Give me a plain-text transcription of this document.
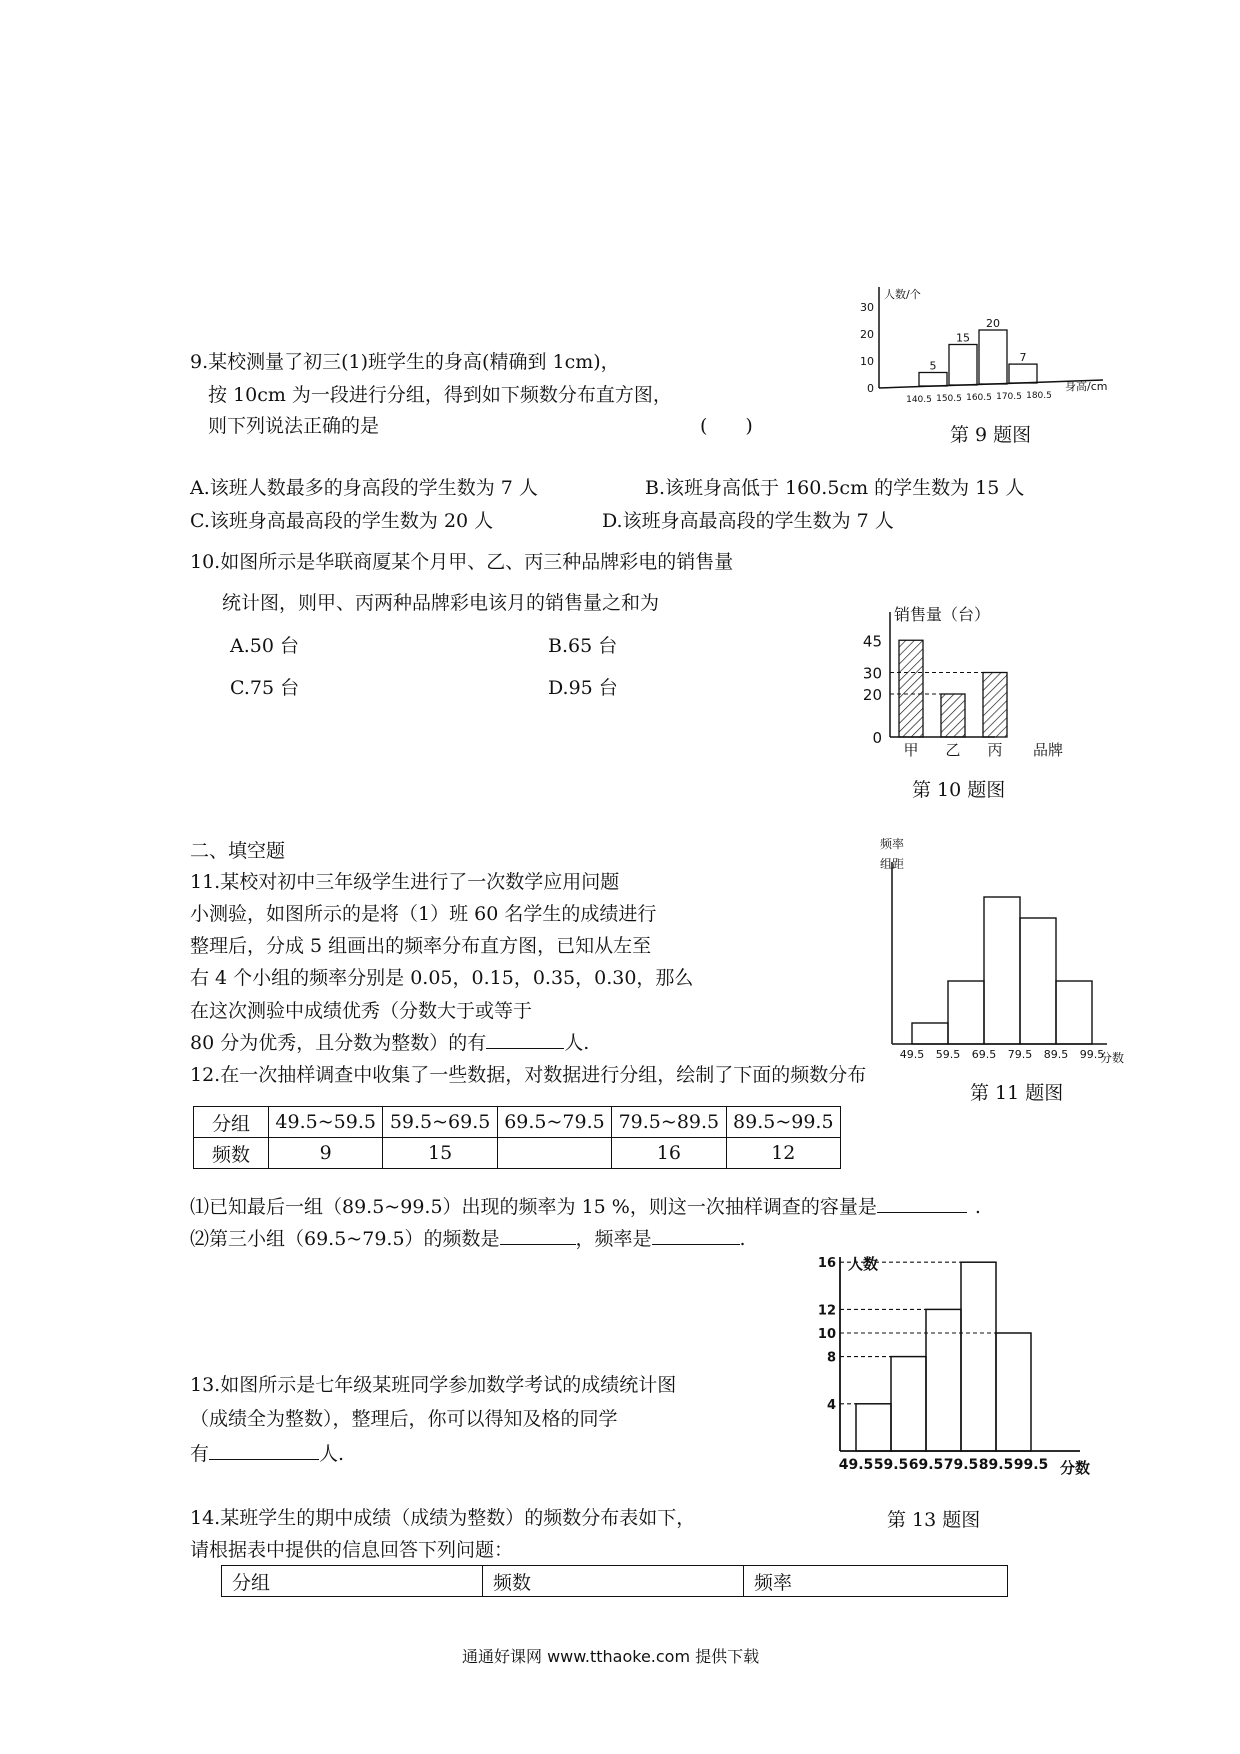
9.某校测量了初三(1)班学生的身高(精确到 1cm)，
按 10cm 为一段进行分组，得到如下频数分布直方图，
则下列说法正确的是	(　　)
人数/个
0
10
20
30
5
15
20
7
140.5 150.5 160.5 170.5 180.5
身高/cm
第 9 题图
A.该班人数最多的身高段的学生数为 7 人	B.该班身高低于 160.5cm 的学生数为 15 人
C.该班身高最高段的学生数为 20 人	D.该班身高最高段的学生数为 7 人
10.如图所示是华联商厦某个月甲、乙、丙三种品牌彩电的销售量
统计图，则甲、丙两种品牌彩电该月的销售量之和为
A.50 台	B.65 台
C.75 台	D.95 台
销售量（台）
0
20
30
45
甲 乙 丙 品牌
第 10 题图
二、填空题
11.某校对初中三年级学生进行了一次数学应用问题
小测验，如图所示的是将（1）班 60 名学生的成绩进行
整理后，分成 5 组画出的频率分布直方图，已知从左至
右 4 个小组的频率分别是 0.05，0.15，0.35，0.30，那么
在这次测验中成绩优秀（分数大于或等于
80 分为优秀，且分数为整数）的有	人.
频率
组距
49.5 59.5 69.5 79.5 89.5 99.5
分数
第 11 题图
12.在一次抽样调查中收集了一些数据，对数据进行分组，绘制了下面的频数分布
分组	49.5~59.5	59.5~69.5	69.5~79.5	79.5~89.5	89.5~99.5
频数	9	15		16	12
⑴已知最后一组（89.5~99.5）出现的频率为 15 %，则这一次抽样调查的容量是	.
⑵第三小组（69.5~79.5）的频数是	，频率是	.
人数
4
8
10
12
16
49.5 59.5 69.5 79.5 89.5 99.5 分数
第 13 题图
13.如图所示是七年级某班同学参加数学考试的成绩统计图
（成绩全为整数），整理后，你可以得知及格的同学
有	人.
14.某班学生的期中成绩（成绩为整数）的频数分布表如下，
请根据表中提供的信息回答下列问题：
分组	频数	频率
通通好课网 www.tthaoke.com 提供下载
